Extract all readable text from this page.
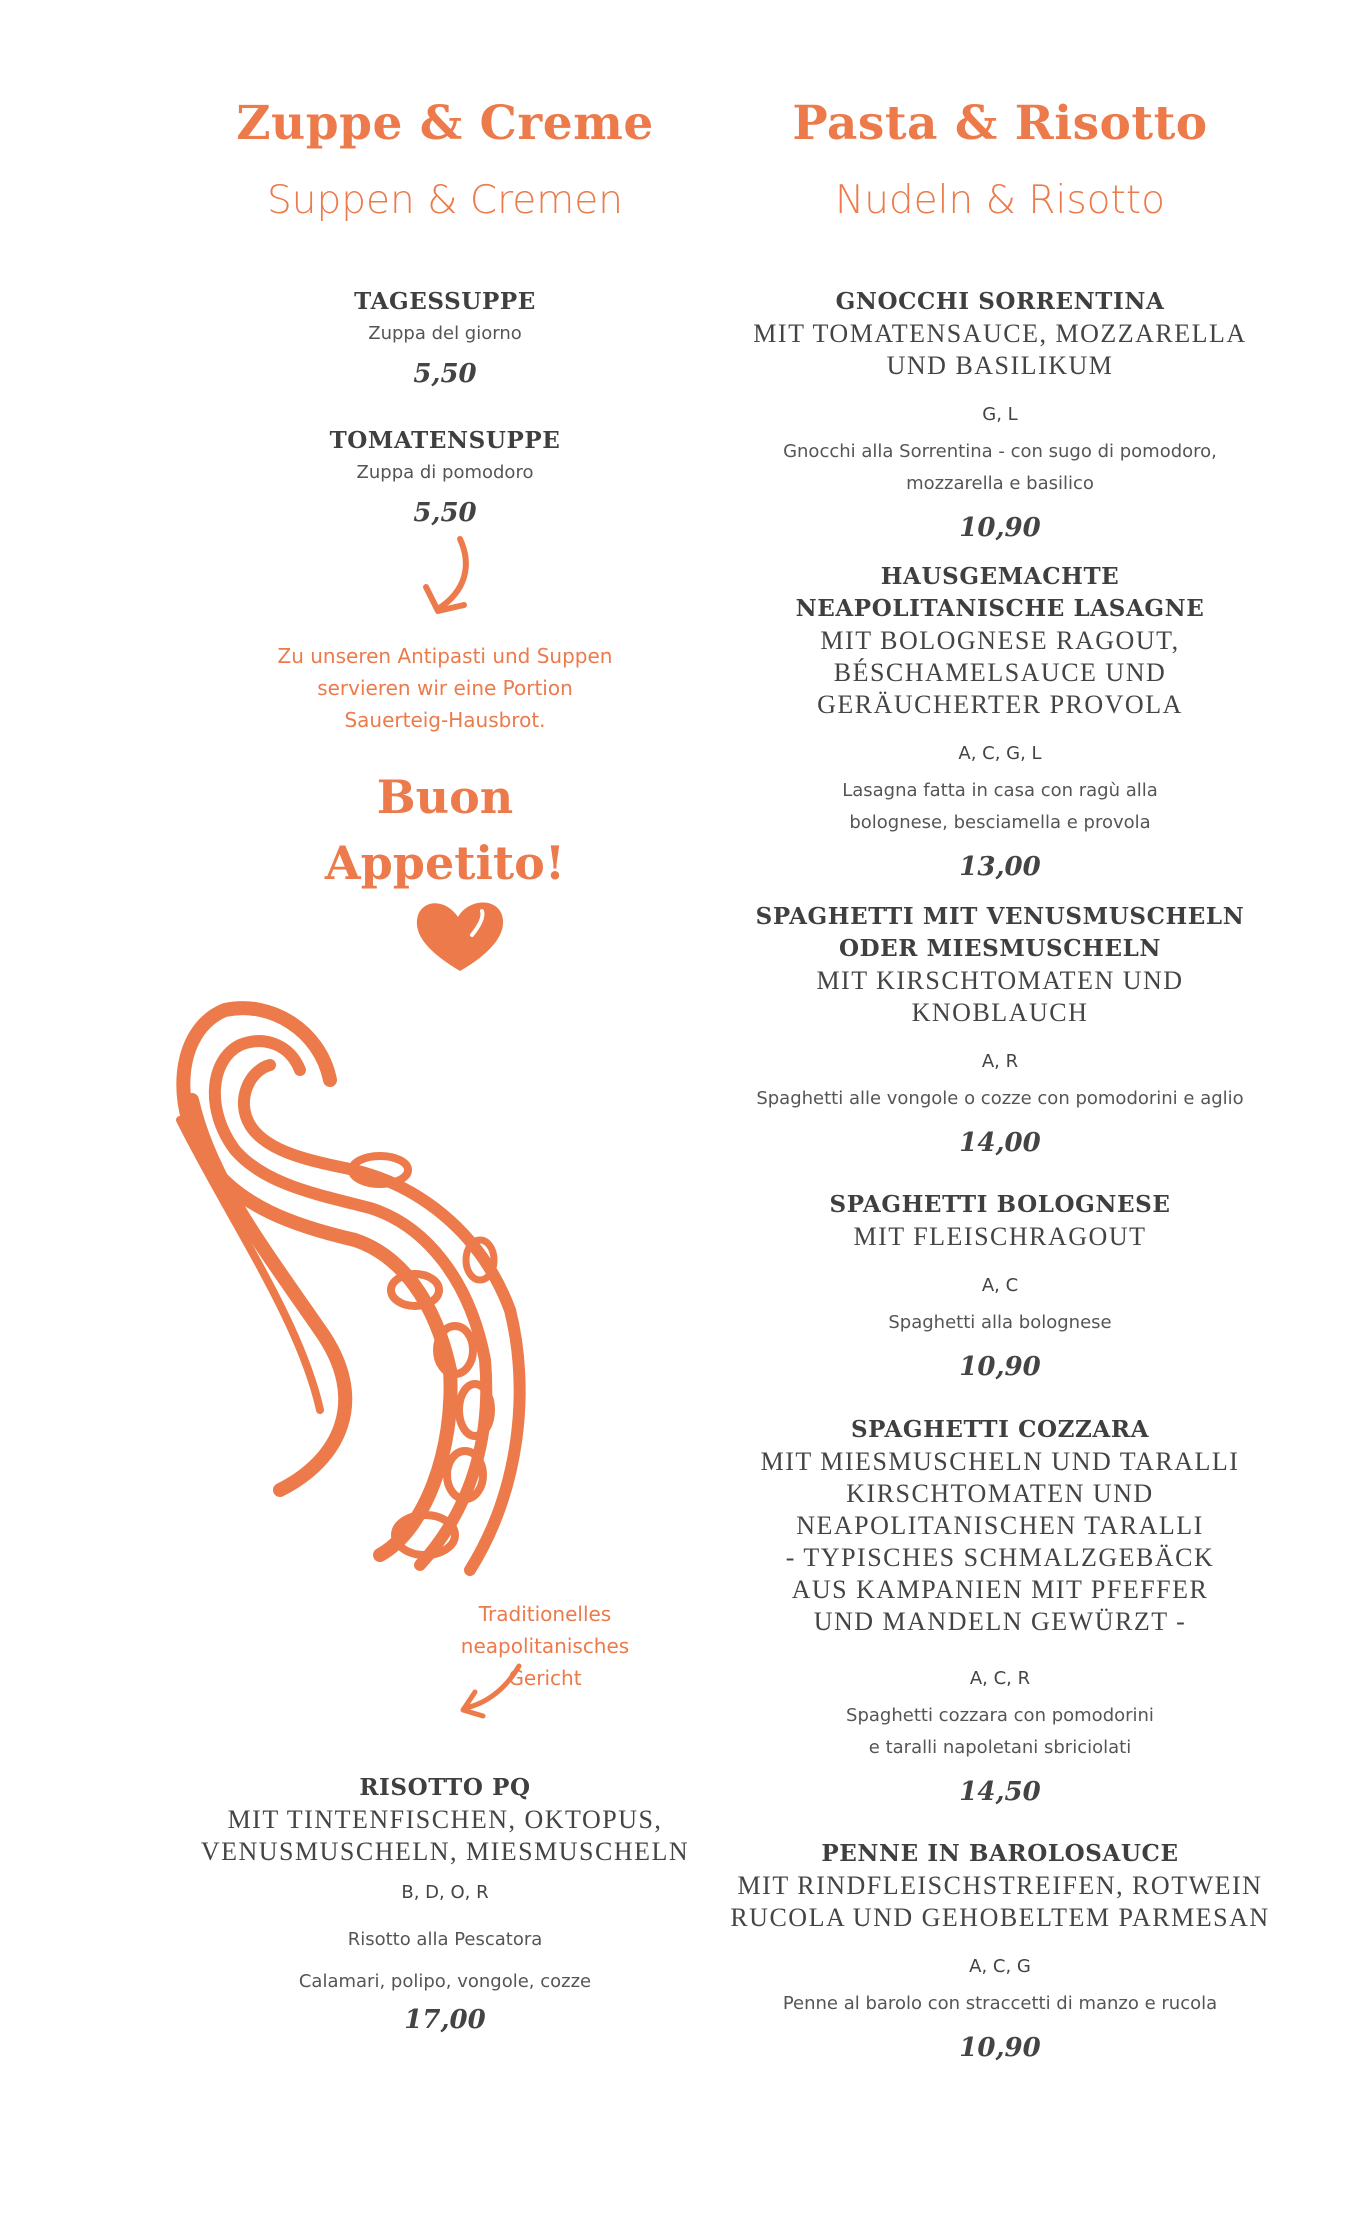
Zuppe & Creme
Suppen & Cremen
TAGESSUPPE
Zuppa del giorno
5,50
TOMATENSUPPE
Zuppa di pomodoro
5,50
Zu unseren Antipasti und Suppen
servieren wir eine Portion
Sauerteig-Hausbrot.
Buon
Appetito!
Traditionelles
neapolitanisches
Gericht
RISOTTO PQ
MIT TINTENFISCHEN, OKTOPUS,
VENUSMUSCHELN, MIESMUSCHELN
B, D, O, R
Risotto alla Pescatora
Calamari, polipo, vongole, cozze
17,00
Pasta & Risotto
Nudeln & Risotto
GNOCCHI SORRENTINA
MIT TOMATENSAUCE, MOZZARELLA
UND BASILIKUM
G, L
Gnocchi alla Sorrentina - con sugo di pomodoro,
mozzarella e basilico
10,90
HAUSGEMACHTE
NEAPOLITANISCHE LASAGNE
MIT BOLOGNESE RAGOUT,
BÉSCHAMELSAUCE UND
GERÄUCHERTER PROVOLA
A, C, G, L
Lasagna fatta in casa con ragù alla
bolognese, besciamella e provola
13,00
SPAGHETTI MIT VENUSMUSCHELN
ODER MIESMUSCHELN
MIT KIRSCHTOMATEN UND
KNOBLAUCH
A, R
Spaghetti alle vongole o cozze con pomodorini e aglio
14,00
SPAGHETTI BOLOGNESE
MIT FLEISCHRAGOUT
A, C
Spaghetti alla bolognese
10,90
SPAGHETTI COZZARA
MIT MIESMUSCHELN UND TARALLI
KIRSCHTOMATEN UND
NEAPOLITANISCHEN TARALLI
- TYPISCHES SCHMALZGEBÄCK
AUS KAMPANIEN MIT PFEFFER
UND MANDELN GEWÜRZT -
A, C, R
Spaghetti cozzara con pomodorini
e taralli napoletani sbriciolati
14,50
PENNE IN BAROLOSAUCE
MIT RINDFLEISCHSTREIFEN, ROTWEIN
RUCOLA UND GEHOBELTEM PARMESAN
A, C, G
Penne al barolo con straccetti di manzo e rucola
10,90
